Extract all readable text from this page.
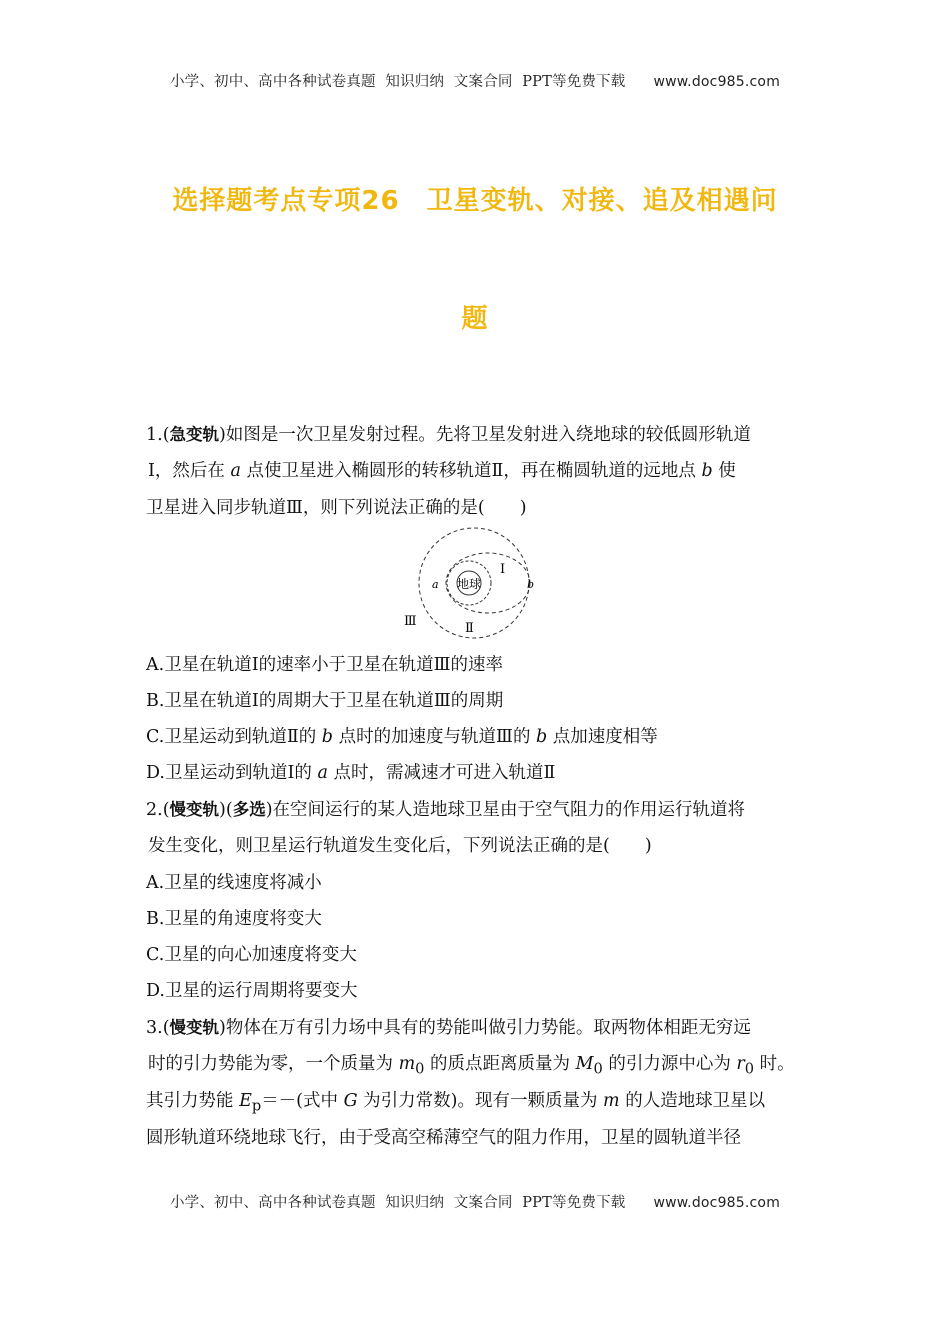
小学、初中、高中各种试卷真题  知识归纳  文案合同  PPT等免费下载 www.doc985.com
选择题考点专项26　卫星变轨、对接、追及相遇问
题
1.(急变轨)如图是一次卫星发射过程。先将卫星发射进入绕地球的较低圆形轨道
Ⅰ，然后在 a 点使卫星进入椭圆形的转移轨道Ⅱ，再在椭圆轨道的远地点 b 使
卫星进入同步轨道Ⅲ，则下列说法正确的是(　　)
地球
a	b
Ⅰ
Ⅱ
Ⅲ
A.卫星在轨道Ⅰ的速率小于卫星在轨道Ⅲ的速率
B.卫星在轨道Ⅰ的周期大于卫星在轨道Ⅲ的周期
C.卫星运动到轨道Ⅱ的 b 点时的加速度与轨道Ⅲ的 b 点加速度相等
D.卫星运动到轨道Ⅰ的 a 点时，需减速才可进入轨道Ⅱ
2.(慢变轨)(多选)在空间运行的某人造地球卫星由于空气阻力的作用运行轨道将
发生变化，则卫星运行轨道发生变化后，下列说法正确的是(　　)
A.卫星的线速度将减小
B.卫星的角速度将变大
C.卫星的向心加速度将变大
D.卫星的运行周期将要变大
3.(慢变轨)物体在万有引力场中具有的势能叫做引力势能。取两物体相距无穷远
时的引力势能为零，一个质量为 $m_0$ 的质点距离质量为 $M_0$ 的引力源中心为 $r_0$ 时。
其引力势能 $E_p=-$(式中 G 为引力常数)。现有一颗质量为 m 的人造地球卫星以
圆形轨道环绕地球飞行，由于受高空稀薄空气的阻力作用，卫星的圆轨道半径
小学、初中、高中各种试卷真题  知识归纳  文案合同  PPT等免费下载 www.doc985.com
